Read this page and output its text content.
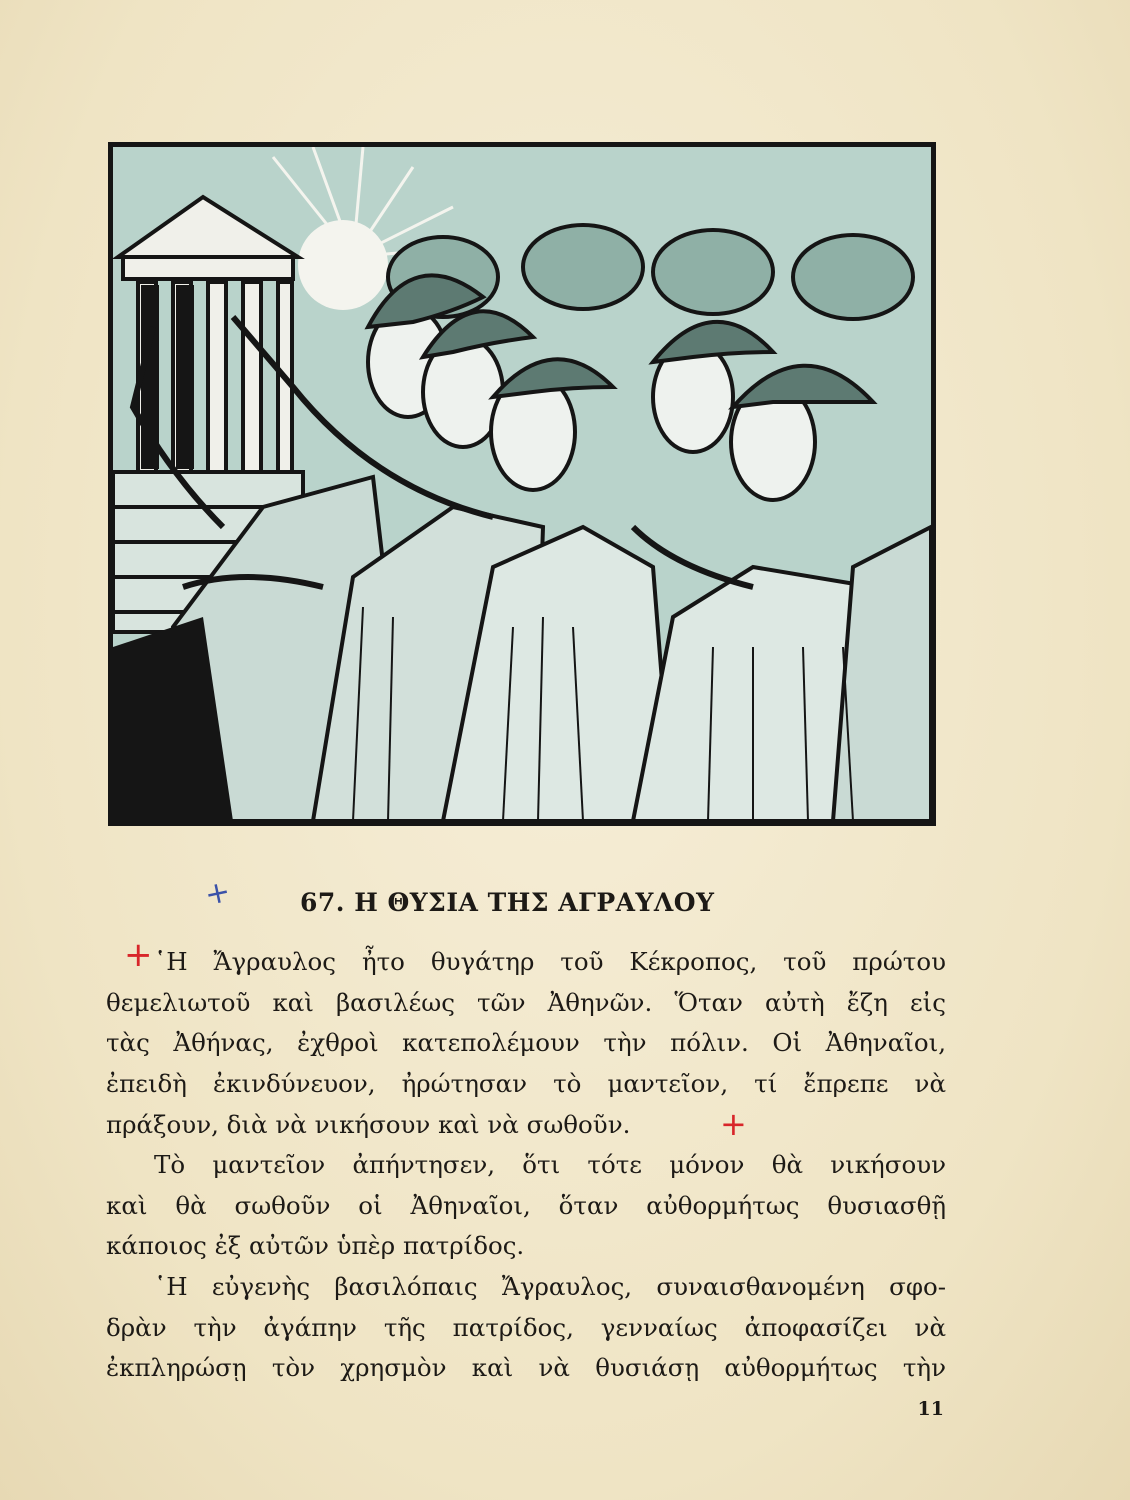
+	67. Η ΘΥΣΙΑ ΤΗΣ ΑΓΡΑΥΛΟΥ
+ ῾Η Ἄγραυλος ἦτο θυγάτηρ τοῦ Κέκροπος, τοῦ πρώτου
θεμελιωτοῦ καὶ βασιλέως τῶν Ἀθηνῶν. Ὅταν αὐτὴ ἔζη εἰς
τὰς Ἀθήνας, ἐχθροὶ κατεπολέμουν τὴν πόλιν. Οἱ Ἀθηναῖοι,
ἐπειδὴ ἐκινδύνευον, ἠρώτησαν τὸ μαντεῖον, τί ἔπρεπε νὰ
πράξουν, διὰ νὰ νικήσουν καὶ νὰ σωθοῦν.	+
Τὸ μαντεῖον ἀπήντησεν, ὅτι τότε μόνον θὰ νικήσουν
καὶ θὰ σωθοῦν οἱ Ἀθηναῖοι, ὅταν αὐθορμήτως θυσιασθῇ
κάποιος ἐξ αὐτῶν ὑπὲρ πατρίδος.
῾Η εὐγενὴς βασιλόπαις Ἄγραυλος, συναισθανομένη σφο-
δρὰν τὴν ἀγάπην τῆς πατρίδος, γενναίως ἀποφασίζει νὰ
ἐκπληρώσῃ τὸν χρησμὸν καὶ νὰ θυσιάσῃ αὐθορμήτως τὴν
11
